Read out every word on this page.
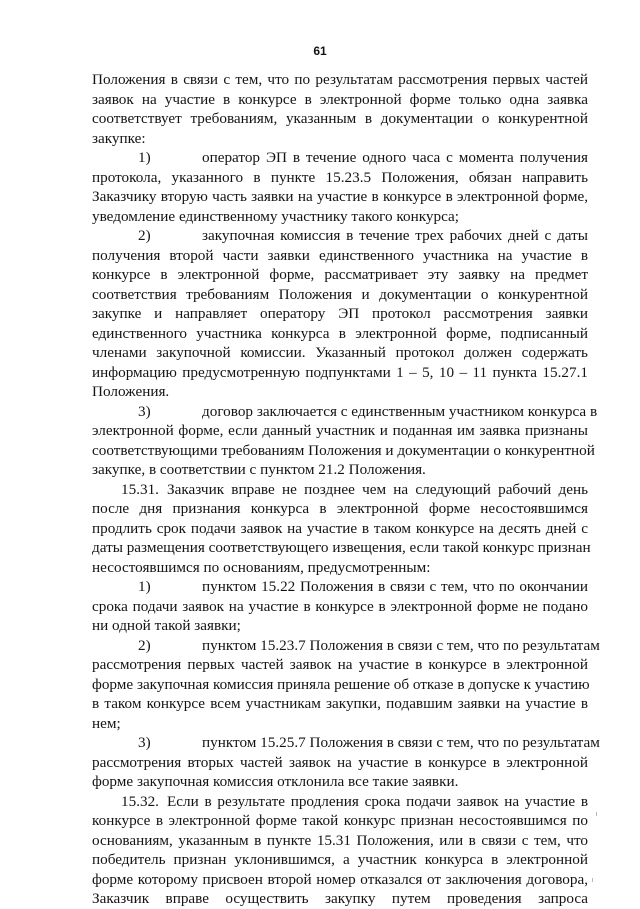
61
Положения в связи с тем, что по результатам рассмотрения первых частей
заявок на участие в конкурсе в электронной форме только одна заявка
соответствует требованиям, указанным в документации о конкурентной
закупке:
1)	оператор ЭП в течение одного часа с момента получения
протокола, указанного в пункте 15.23.5 Положения, обязан направить
Заказчику вторую часть заявки на участие в конкурсе в электронной форме,
уведомление единственному участнику такого конкурса;
2)	закупочная комиссия в течение трех рабочих дней с даты
получения второй части заявки единственного участника на участие в
конкурсе в электронной форме, рассматривает эту заявку на предмет
соответствия требованиям Положения и документации о конкурентной
закупке и направляет оператору ЭП протокол рассмотрения заявки
единственного участника конкурса в электронной форме, подписанный
членами закупочной комиссии. Указанный протокол должен содержать
информацию предусмотренную подпунктами 1 – 5, 10 – 11 пункта 15.27.1
Положения.
3)	договор заключается с единственным участником конкурса в
электронной форме, если данный участник и поданная им заявка признаны
соответствующими требованиям Положения и документации о конкурентной
закупке, в соответствии с пунктом 21.2 Положения.
15.31. Заказчик вправе не позднее чем на следующий рабочий день
после дня признания конкурса в электронной форме несостоявшимся
продлить срок подачи заявок на участие в таком конкурсе на десять дней с
даты размещения соответствующего извещения, если такой конкурс признан
несостоявшимся по основаниям, предусмотренным:
1)	пунктом 15.22 Положения в связи с тем, что по окончании
срока подачи заявок на участие в конкурсе в электронной форме не подано
ни одной такой заявки;
2)	пунктом 15.23.7 Положения в связи с тем, что по результатам
рассмотрения первых частей заявок на участие в конкурсе в электронной
форме закупочная комиссия приняла решение об отказе в допуске к участию
в таком конкурсе всем участникам закупки, подавшим заявки на участие в
нем;
3)	пунктом 15.25.7 Положения в связи с тем, что по результатам
рассмотрения вторых частей заявок на участие в конкурсе в электронной
форме закупочная комиссия отклонила все такие заявки.
15.32. Если в результате продления срока подачи заявок на участие в
конкурсе в электронной форме такой конкурс признан несостоявшимся по
основаниям, указанным в пункте 15.31 Положения, или в связи с тем, что
победитель признан уклонившимся, а участник конкурса в электронной
форме которому присвоен второй номер отказался от заключения договора,
Заказчик вправе осуществить закупку путем проведения запроса
